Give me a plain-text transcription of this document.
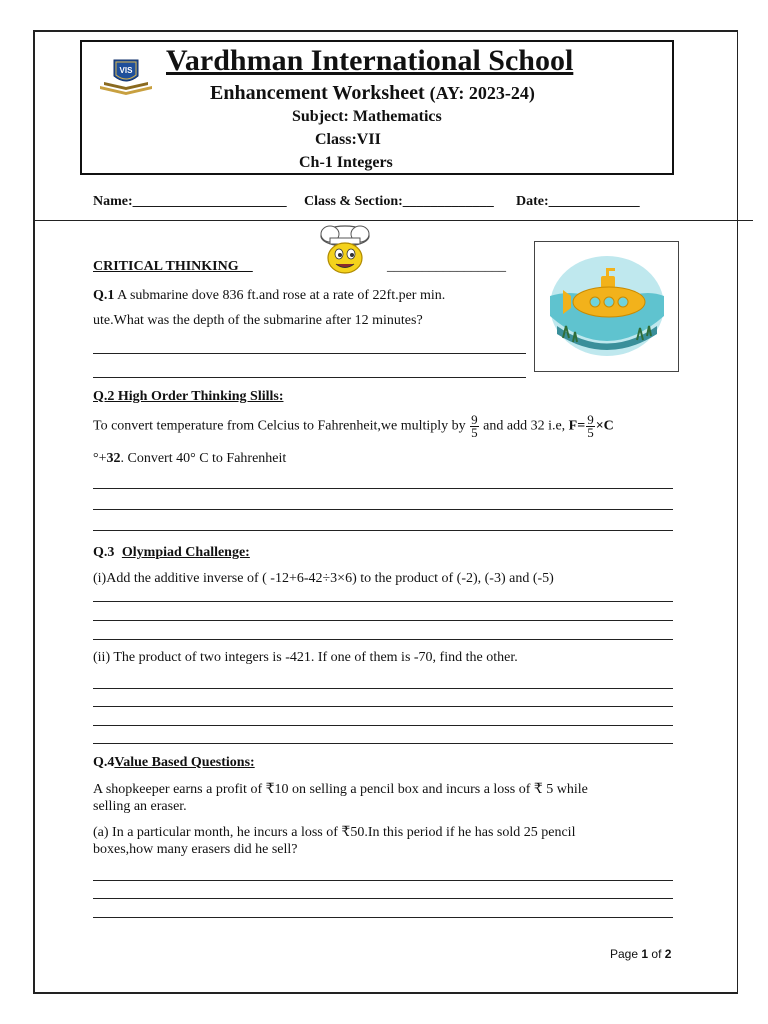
VIS Vardhman International School
Enhancement Worksheet (AY: 2023-24)
Subject: Mathematics
Class:VII
Ch-1 Integers
Name:______________________ Class & Section:_____________ Date:_____________
CRITICAL THINKING__	_________________
Q.1 A submarine dove 836 ft.and rose at a rate of 22ft.per min.
ute.What was the depth of the submarine after 12 minutes?
Q.2 High Order Thinking Slills:
To convert temperature from Celcius to Fahrenheit,we multiply by $\frac{9}{5}$ and add 32 i.e, $F= \frac{9}{5} \times C$
°+32. Convert 40° C to Fahrenheit
Q.3 Olympiad Challenge:
(i)Add the additive inverse of ( -12+6-42÷3×6) to the product of (-2), (-3) and (-5)
(ii) The product of two integers is -421. If one of them is -70, find the other.
Q.4Value Based Questions:
A shopkeeper earns a profit of ₹10 on selling a pencil box and incurs a loss of ₹ 5 while
selling an eraser.
(a) In a particular month, he incurs a loss of ₹50.In this period if he has sold 25 pencil
boxes,how many erasers did he sell?
Page 1 of 2
